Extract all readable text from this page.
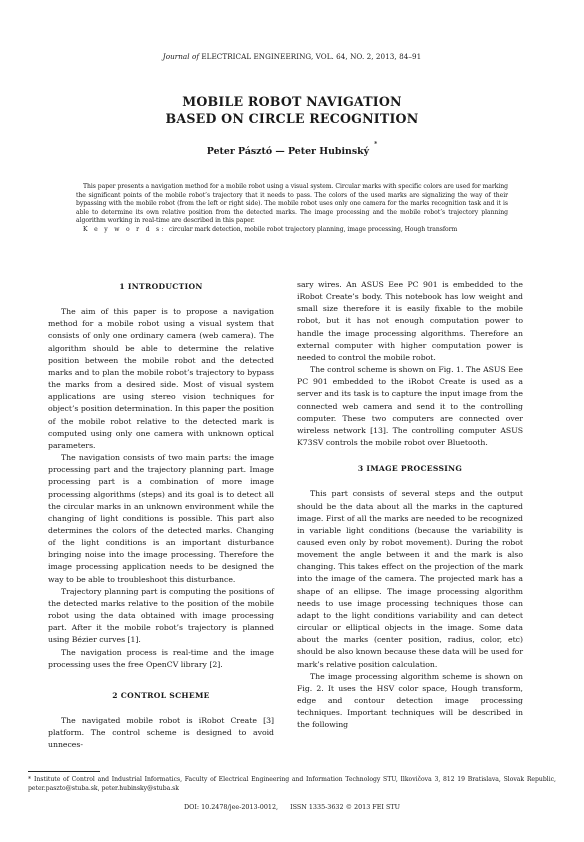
Journal of ELECTRICAL ENGINEERING, VOL. 64, NO. 2, 2013, 84–91
MOBILE ROBOT NAVIGATION
BASED ON CIRCLE RECOGNITION
Peter Pásztó — Peter Hubinský*

This paper presents a navigation method for a mobile robot using a visual system. Circular marks with specific colors are used for marking the significant points of the mobile robot’s trajectory that it needs to pass. The colors of the used marks are signalizing the way of their bypassing with the mobile robot (from the left or right side). The mobile robot uses only one camera for the marks recognition task and it is able to determine its own relative position from the detected marks. The image processing and the mobile robot’s trajectory planning algorithm working in real-time are described in this paper.

K e y w o r d s: circular mark detection, mobile robot trajectory planning, image processing, Hough transform

1 INTRODUCTION

The aim of this paper is to propose a navigation method for a mobile robot using a visual system that consists of only one ordinary camera (web camera). The algorithm should be able to determine the relative position between the mobile robot and the detected marks and to plan the mobile robot’s trajectory to bypass the marks from a desired side. Most of visual system applications are using stereo vision techniques for object’s position determination. In this paper the position of the mobile robot relative to the detected mark is computed using only one camera with unknown optical parameters.

The navigation consists of two main parts: the image processing part and the trajectory planning part. Image processing part is a combination of more image processing algorithms (steps) and its goal is to detect all the circular marks in an unknown environment while the changing of light conditions is possible. This part also determines the colors of the detected marks. Changing of the light conditions is an important disturbance bringing noise into the image processing. Therefore the image processing application needs to be designed the way to be able to troubleshoot this disturbance.

Trajectory planning part is computing the positions of the detected marks relative to the position of the mobile robot using the data obtained with image processing part. After it the mobile robot’s trajectory is planned using Bézier curves [1].

The navigation process is real-time and the image processing uses the free OpenCV library [2].

2 CONTROL SCHEME

The navigated mobile robot is iRobot Create [3] platform. The control scheme is designed to avoid unneces-

sary wires. An ASUS Eee PC 901 is embedded to the iRobot Create’s body. This notebook has low weight and small size therefore it is easily fixable to the mobile robot, but it has not enough computation power to handle the image processing algorithms. Therefore an external computer with higher computation power is needed to control the mobile robot.

The control scheme is shown on Fig. 1. The ASUS Eee PC 901 embedded to the iRobot Create is used as a server and its task is to capture the input image from the connected web camera and send it to the controlling computer. These two computers are connected over wireless network [13]. The controlling computer ASUS K73SV controls the mobile robot over Bluetooth.

3 IMAGE PROCESSING

This part consists of several steps and the output should be the data about all the marks in the captured image. First of all the marks are needed to be recognized in variable light conditions (because the variability is caused even only by robot movement). During the robot movement the angle between it and the mark is also changing. This takes effect on the projection of the mark into the image of the camera. The projected mark has a shape of an ellipse. The image processing algorithm needs to use image processing techniques those can adapt to the light conditions variability and can detect circular or elliptical objects in the image. Some data about the marks (center position, radius, color, etc) should be also known because these data will be used for mark’s relative position calculation.

The image processing algorithm scheme is shown on Fig. 2. It uses the HSV color space, Hough transform, edge and contour detection image processing techniques. Important techniques will be described in the following

* Institute of Control and Industrial Informatics, Faculty of Electrical Engineering and Information Technology STU, Ilkovičova 3, 812 19 Bratislava, Slovak Republic, peter.paszto@stuba.sk, peter.hubinsky@stuba.sk
DOI: 10.2478/jee-2013-0012, ISSN 1335-3632 © 2013 FEI STU
